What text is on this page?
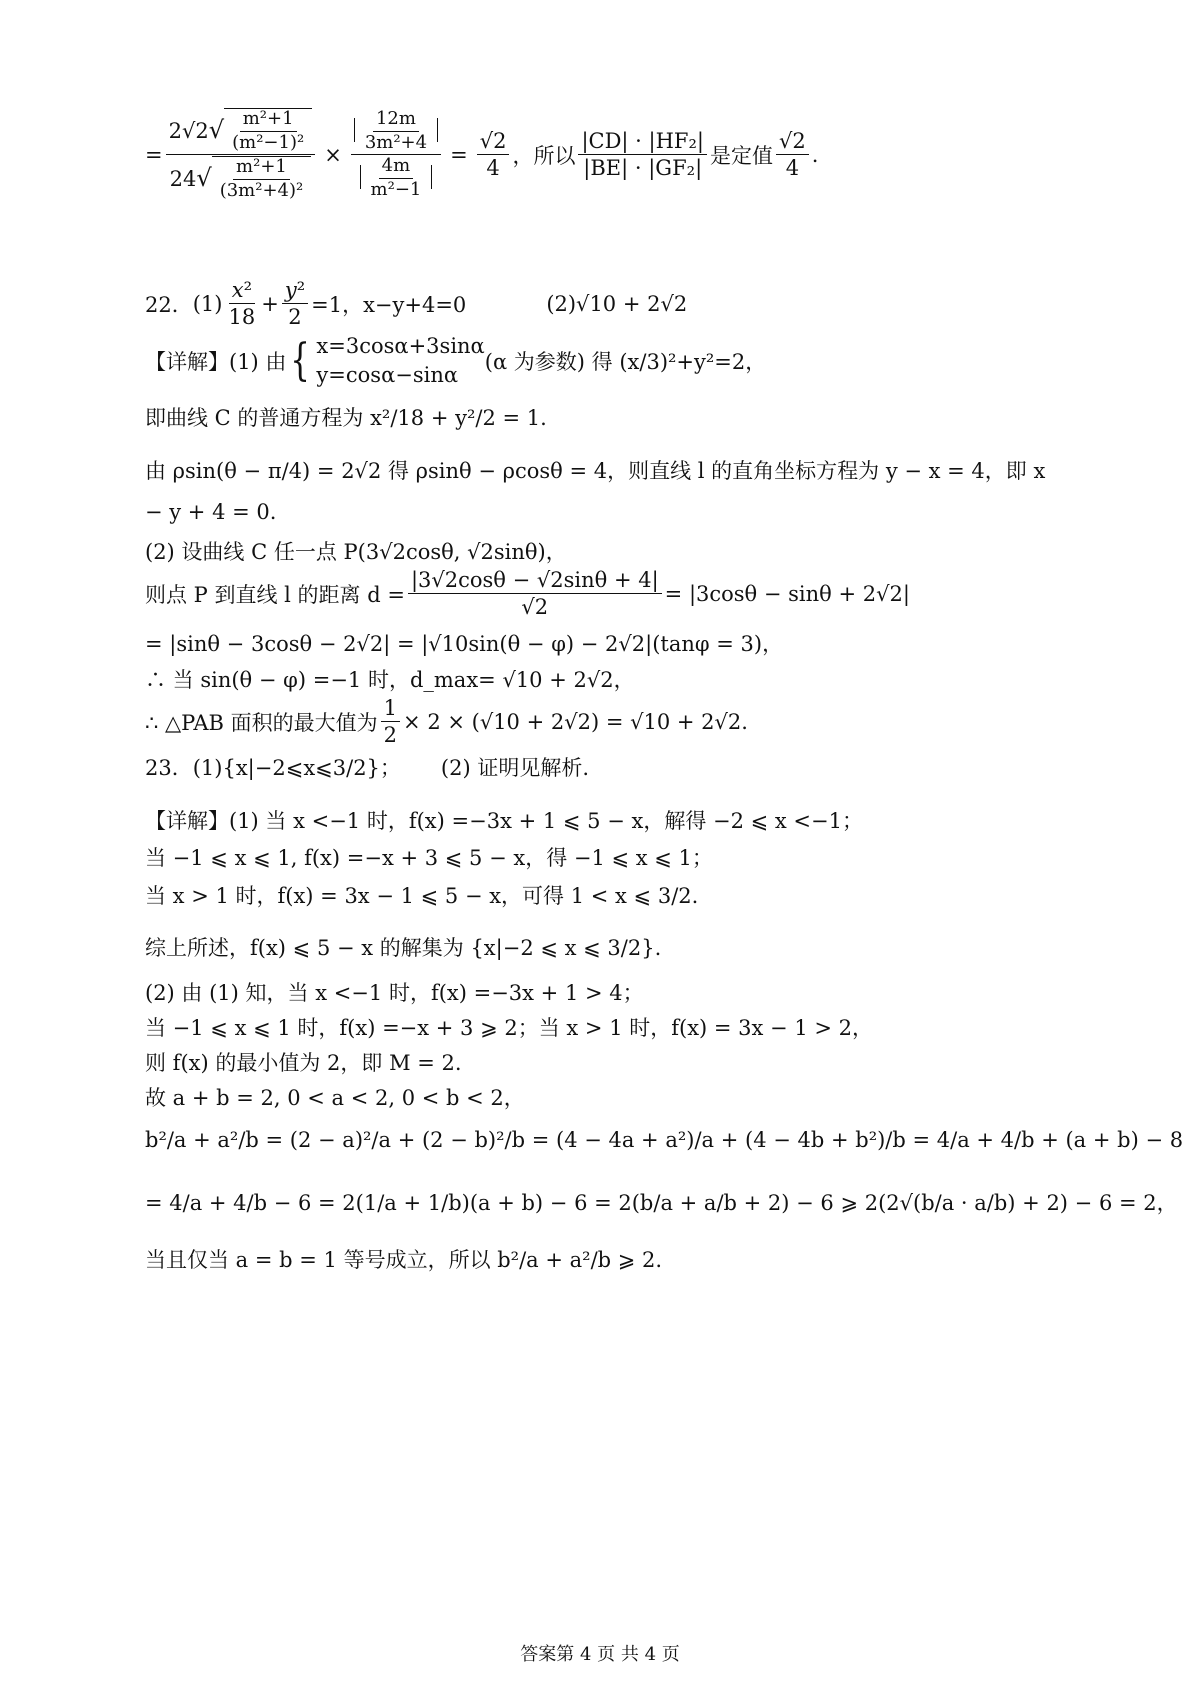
= $\frac{2√2 √ \frac{\text{m²+1}}{\text{(m²−1)²}}}{24 √ \frac{\text{m²+1}}{\text{(3m²+4)²}}} \times \frac{\frac{12m}{\text{3m²+4}}}{\frac{4m}{\text{m²−1}}} = \frac{√2}{4}$ ，所以 $\frac{\text{|CD| · |HF₂|}}{\text{|BE| · |GF₂|}}$ 是定值 $\frac{√2}{4}$ .
22． $(1) \frac{\text{x²}}{18} + \frac{\text{y²}}{2} =1$，x−y+4=0	(2)√10 + 2√2
【详解】(1) 由 { x=3cosα+3sinα
y=cosα−sinα
(α 为参数) 得 (x/3)²+y²=2，
即曲线 C 的普通方程为 x²/18 + y²/2 = 1.
由 ρsin(θ − π/4) = 2√2 得 ρsinθ − ρcosθ = 4，则直线 l 的直角坐标方程为 y − x = 4，即 x
− y + 4 = 0.
(2) 设曲线 C 任一点 P(3√2cosθ, √2sinθ)，
则点 P 到直线 l 的距离 $d = \frac{|3√2\cos\theta - √2\sin\theta + 4|}{√2} = |3\cos\theta - \sin\theta + 2√2|$
= |sinθ − 3cosθ − 2√2| = |√10sin(θ − φ) − 2√2|(tanφ = 3)，
∴ 当 sin(θ − φ) =−1 时，d_max= √10 + 2√2，
∴ △PAB 面积的最大值为 $\frac{1}{2} \times 2 \times (√10 + 2√2) = √10 + 2√2$.
23． (1){x|−2⩽x⩽3/2}； (2) 证明见解析.
【详解】(1) 当 x <−1 时，f(x) =−3x + 1 ⩽ 5 − x，解得 −2 ⩽ x <−1；
当 −1 ⩽ x ⩽ 1, f(x) =−x + 3 ⩽ 5 − x，得 −1 ⩽ x ⩽ 1；
当 x > 1 时，f(x) = 3x − 1 ⩽ 5 − x，可得 1 < x ⩽ 3/2.
综上所述，f(x) ⩽ 5 − x 的解集为 {x|−2 ⩽ x ⩽ 3/2}.
(2) 由 (1) 知，当 x <−1 时，f(x) =−3x + 1 > 4；
当 −1 ⩽ x ⩽ 1 时，f(x) =−x + 3 ⩾ 2；当 x > 1 时，f(x) = 3x − 1 > 2，
则 f(x) 的最小值为 2，即 M = 2.
故 a + b = 2, 0 < a < 2, 0 < b < 2，
b²/a + a²/b = (2 − a)²/a + (2 − b)²/b = (4 − 4a + a²)/a + (4 − 4b + b²)/b = 4/a + 4/b + (a + b) − 8
= 4/a + 4/b − 6 = 2(1/a + 1/b)(a + b) − 6 = 2(b/a + a/b + 2) − 6 ⩾ 2(2√(b/a · a/b) + 2) − 6 = 2，
当且仅当 a = b = 1 等号成立，所以 b²/a + a²/b ⩾ 2.
答案第 4 页 共 4 页
